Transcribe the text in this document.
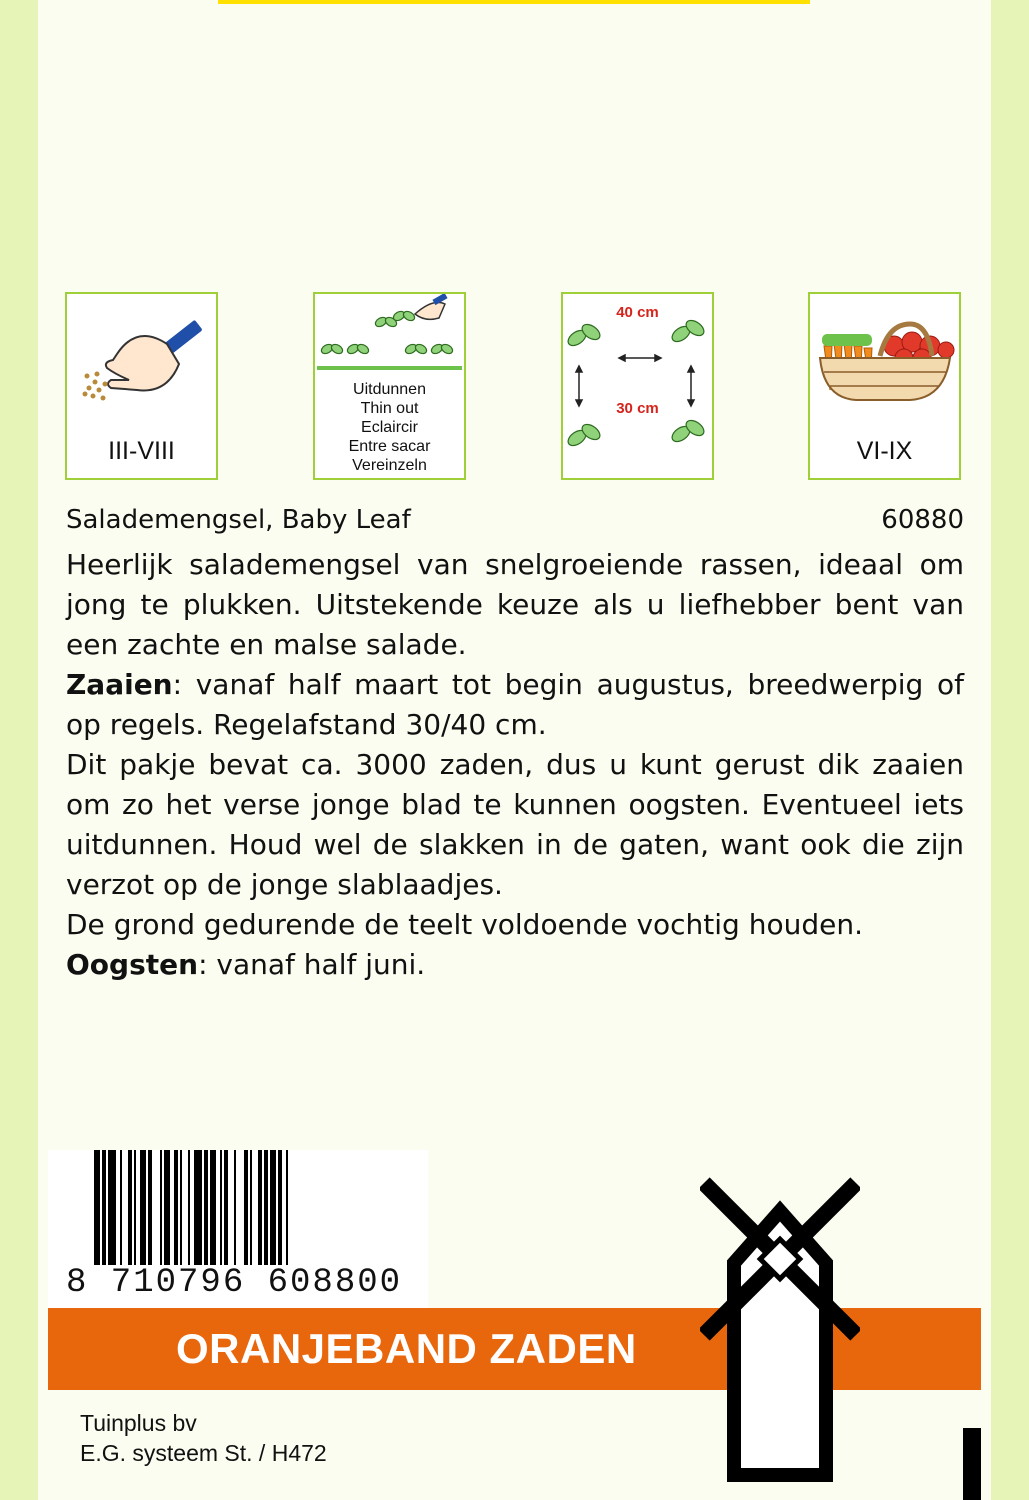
III-VIII
Uitdunnen
Thin out
Eclaircir
Entre sacar
Vereinzeln
40 cm
30 cm
VI-IX
Salademengsel, Baby Leaf	60880

Heerlijk salademengsel van snelgroeiende rassen, ideaal om jong te plukken. Uitstekende keuze als u liefhebber bent van een zachte en malse salade.

Zaaien: vanaf half maart tot begin augustus, breedwerpig of op regels. Regelafstand 30/40 cm.

Dit pakje bevat ca. 3000 zaden, dus u kunt gerust dik zaaien om zo het verse jonge blad te kunnen oogsten. Eventueel iets uitdunnen. Houd wel de slakken in de gaten, want ook die zijn verzot op de jonge slablaadjes.

De grond gedurende de teelt voldoende vochtig houden.

Oogsten: vanaf half juni.

8 710796 608800
ORANJEBAND ZADEN
Tuinplus bv
E.G. systeem St. / H472
